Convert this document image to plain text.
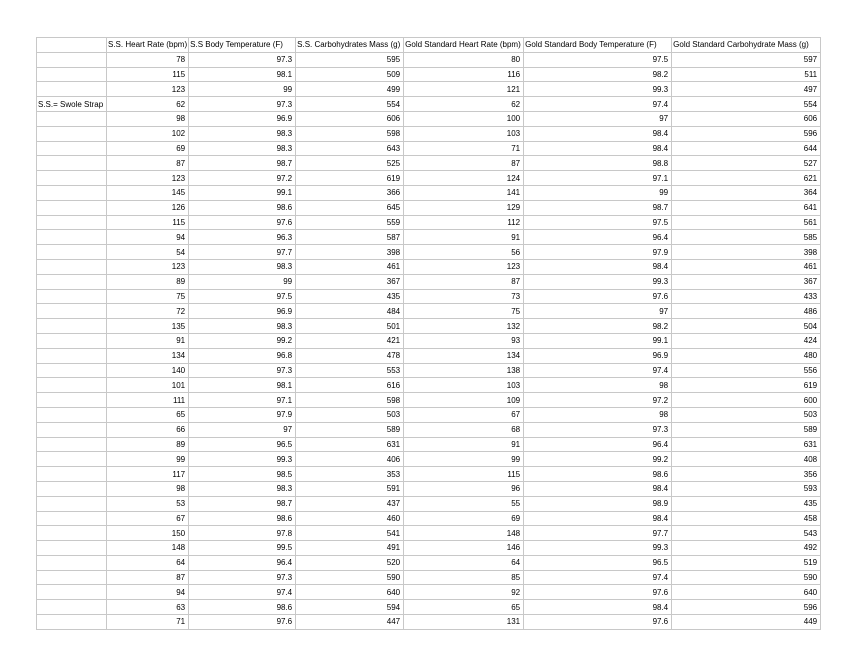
	S.S. Heart Rate (bpm)	S.S Body Temperature (F)	S.S. Carbohydrates Mass (g)	Gold Standard Heart Rate (bpm)	Gold Standard Body Temperature (F)	Gold Standard Carbohydrate Mass (g)
	78	97.3	595	80	97.5	597
	115	98.1	509	116	98.2	511
	123	99	499	121	99.3	497
S.S.= Swole Strap	62	97.3	554	62	97.4	554
	98	96.9	606	100	97	606
	102	98.3	598	103	98.4	596
	69	98.3	643	71	98.4	644
	87	98.7	525	87	98.8	527
	123	97.2	619	124	97.1	621
	145	99.1	366	141	99	364
	126	98.6	645	129	98.7	641
	115	97.6	559	112	97.5	561
	94	96.3	587	91	96.4	585
	54	97.7	398	56	97.9	398
	123	98.3	461	123	98.4	461
	89	99	367	87	99.3	367
	75	97.5	435	73	97.6	433
	72	96.9	484	75	97	486
	135	98.3	501	132	98.2	504
	91	99.2	421	93	99.1	424
	134	96.8	478	134	96.9	480
	140	97.3	553	138	97.4	556
	101	98.1	616	103	98	619
	111	97.1	598	109	97.2	600
	65	97.9	503	67	98	503
	66	97	589	68	97.3	589
	89	96.5	631	91	96.4	631
	99	99.3	406	99	99.2	408
	117	98.5	353	115	98.6	356
	98	98.3	591	96	98.4	593
	53	98.7	437	55	98.9	435
	67	98.6	460	69	98.4	458
	150	97.8	541	148	97.7	543
	148	99.5	491	146	99.3	492
	64	96.4	520	64	96.5	519
	87	97.3	590	85	97.4	590
	94	97.4	640	92	97.6	640
	63	98.6	594	65	98.4	596
	71	97.6	447	131	97.6	449
